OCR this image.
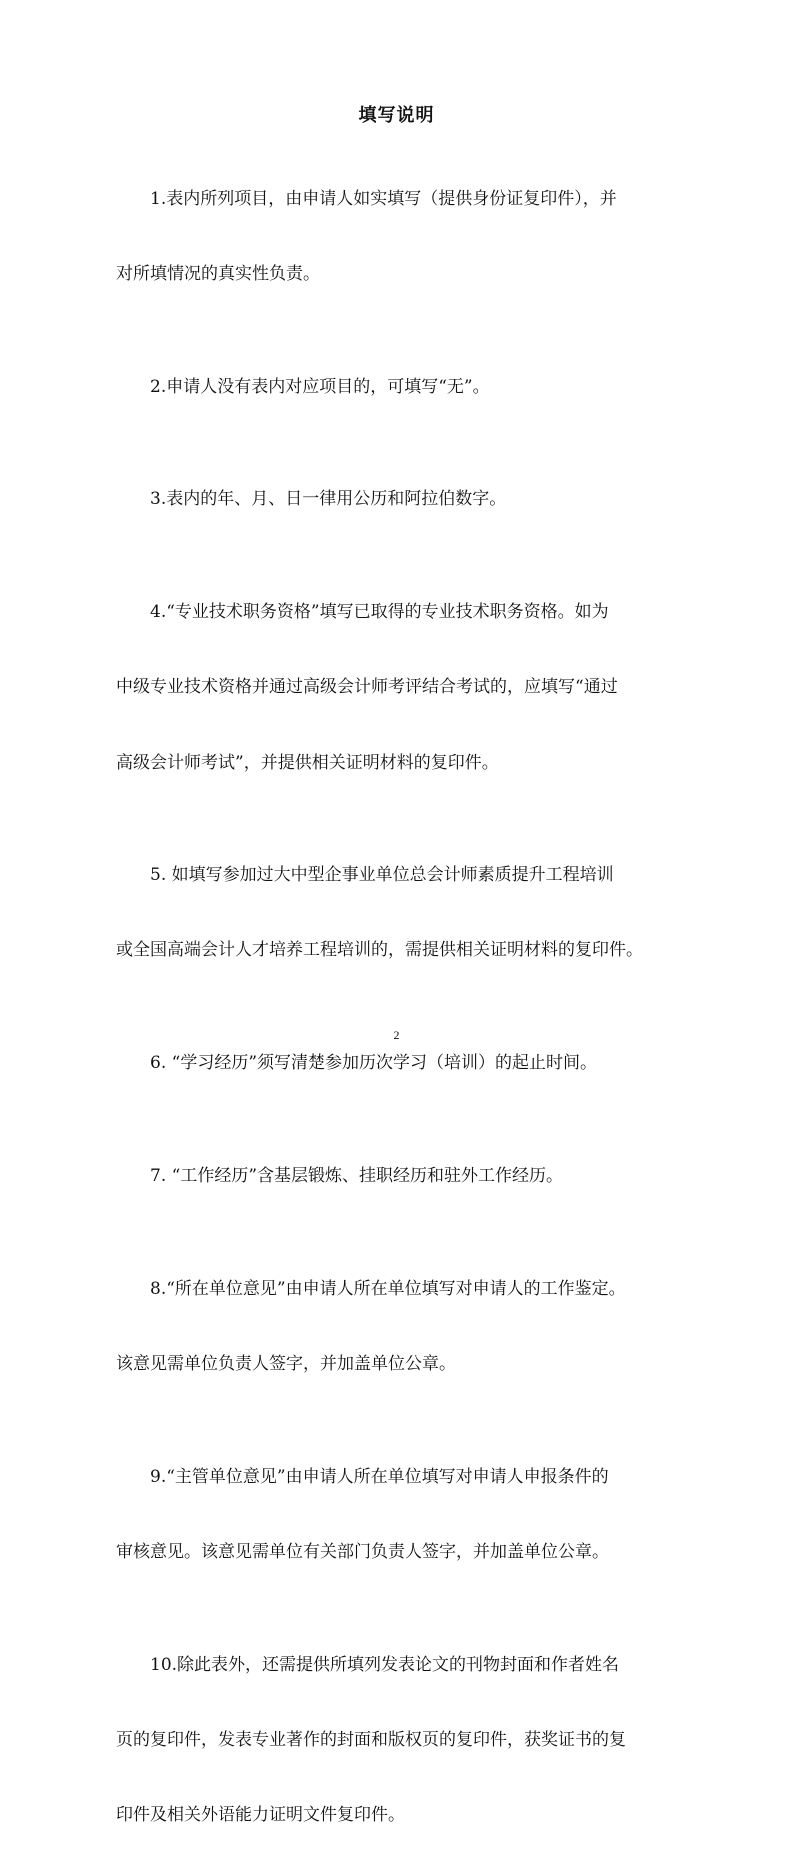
填写说明

1.表内所列项目，由申请人如实填写（提供身份证复印件），并

对所填情况的真实性负责。

2.申请人没有表内对应项目的，可填写“无”。

3.表内的年、月、日一律用公历和阿拉伯数字。

4.“专业技术职务资格”填写已取得的专业技术职务资格。如为

中级专业技术资格并通过高级会计师考评结合考试的，应填写“通过

高级会计师考试”，并提供相关证明材料的复印件。

5. 如填写参加过大中型企事业单位总会计师素质提升工程培训

或全国高端会计人才培养工程培训的，需提供相关证明材料的复印件。

6. “学习经历”须写清楚参加历次学习（培训）的起止时间。

7. “工作经历”含基层锻炼、挂职经历和驻外工作经历。

8.“所在单位意见”由申请人所在单位填写对申请人的工作鉴定。

该意见需单位负责人签字，并加盖单位公章。

9.“主管单位意见”由申请人所在单位填写对申请人申报条件的

审核意见。该意见需单位有关部门负责人签字，并加盖单位公章。

10.除此表外，还需提供所填列发表论文的刊物封面和作者姓名

页的复印件，发表专业著作的封面和版权页的复印件，获奖证书的复

印件及相关外语能力证明文件复印件。

2
